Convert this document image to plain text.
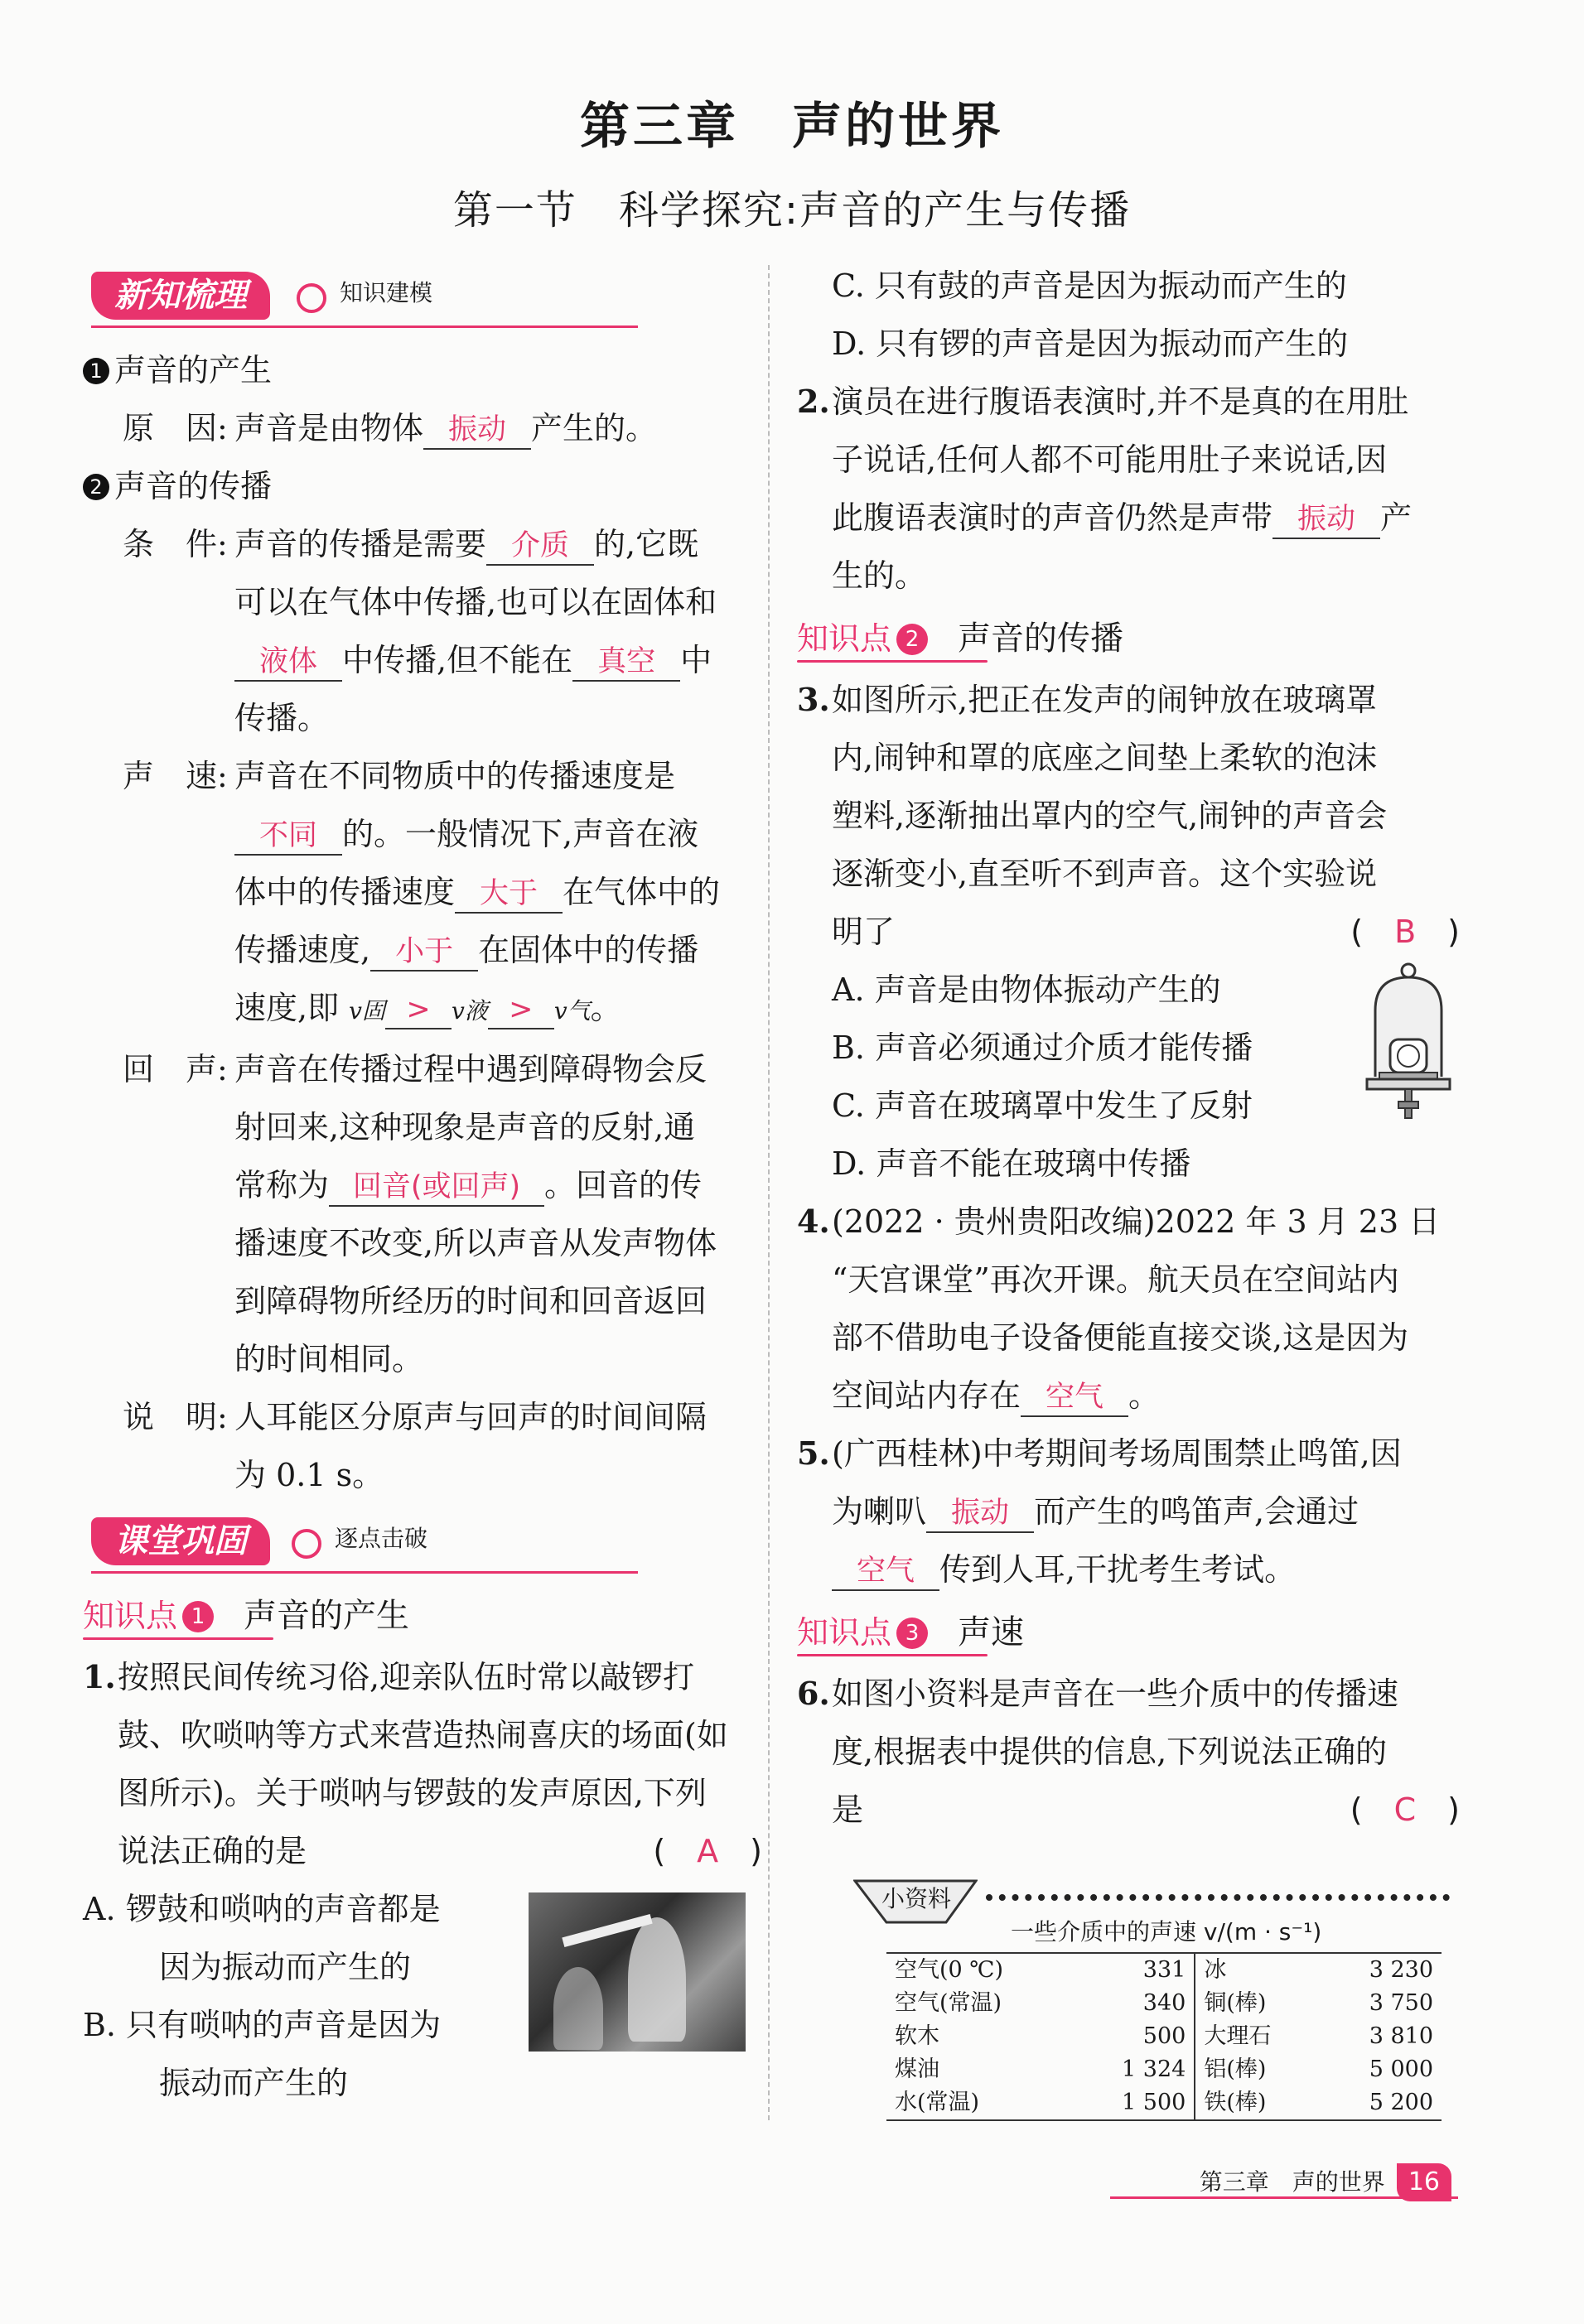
第三章　声的世界
第一节　科学探究:声音的产生与传播
新知梳理	知识建模
1 声音的产生
原　因: 声音是由物体 振动 产生的。
2 声音的传播
条　件: 声音的传播是需要 介质 的,它既
可以在气体中传播,也可以在固体和
液体 中传播,但不能在 真空 中
传播。
声　速: 声音在不同物质中的传播速度是
不同 的。一般情况下,声音在液
体中的传播速度 大于 在气体中的
传播速度, 小于 在固体中的传播
速度,即 v固 > v液 > v气。
回　声: 声音在传播过程中遇到障碍物会反
射回来,这种现象是声音的反射,通
常称为 回音(或回声) 。回音的传
播速度不改变,所以声音从发声物体
到障碍物所经历的时间和回音返回
的时间相同。
说　明: 人耳能区分原声与回声的时间间隔
为 0.1 s。
课堂巩固	逐点击破
知识点 1 声音的产生
1. 按照民间传统习俗,迎亲队伍时常以敲锣打
鼓、吹唢呐等方式来营造热闹喜庆的场面(如
图所示)。关于唢呐与锣鼓的发声原因,下列
说法正确的是	(　A　)
A. 锣鼓和唢呐的声音都是
因为振动而产生的
B. 只有唢呐的声音是因为
振动而产生的
C. 只有鼓的声音是因为振动而产生的
D. 只有锣的声音是因为振动而产生的
2. 演员在进行腹语表演时,并不是真的在用肚
子说话,任何人都不可能用肚子来说话,因
此腹语表演时的声音仍然是声带 振动 产
生的。
知识点 2 声音的传播
3. 如图所示,把正在发声的闹钟放在玻璃罩
内,闹钟和罩的底座之间垫上柔软的泡沫
塑料,逐渐抽出罩内的空气,闹钟的声音会
逐渐变小,直至听不到声音。这个实验说
明了	(　B　)
A. 声音是由物体振动产生的
B. 声音必须通过介质才能传播
C. 声音在玻璃罩中发生了反射
D. 声音不能在玻璃中传播
4. (2022 · 贵州贵阳改编)2022 年 3 月 23 日
“天宫课堂”再次开课。航天员在空间站内
部不借助电子设备便能直接交谈,这是因为
空间站内存在 空气 。
5. (广西桂林)中考期间考场周围禁止鸣笛,因
为喇叭 振动 而产生的鸣笛声,会通过
空气 传到人耳,干扰考生考试。
知识点 3 声速
6. 如图小资料是声音在一些介质中的传播速
度,根据表中提供的信息,下列说法正确的
是	(　C　)
小资料
一些介质中的声速 v/(m · s⁻¹)
空气(0 ℃)	331	冰	3 230
空气(常温)	340	铜(棒)	3 750
软木	500	大理石	3 810
煤油	1 324	铝(棒)	5 000
水(常温)	1 500	铁(棒)	5 200
第三章　声的世界 16
